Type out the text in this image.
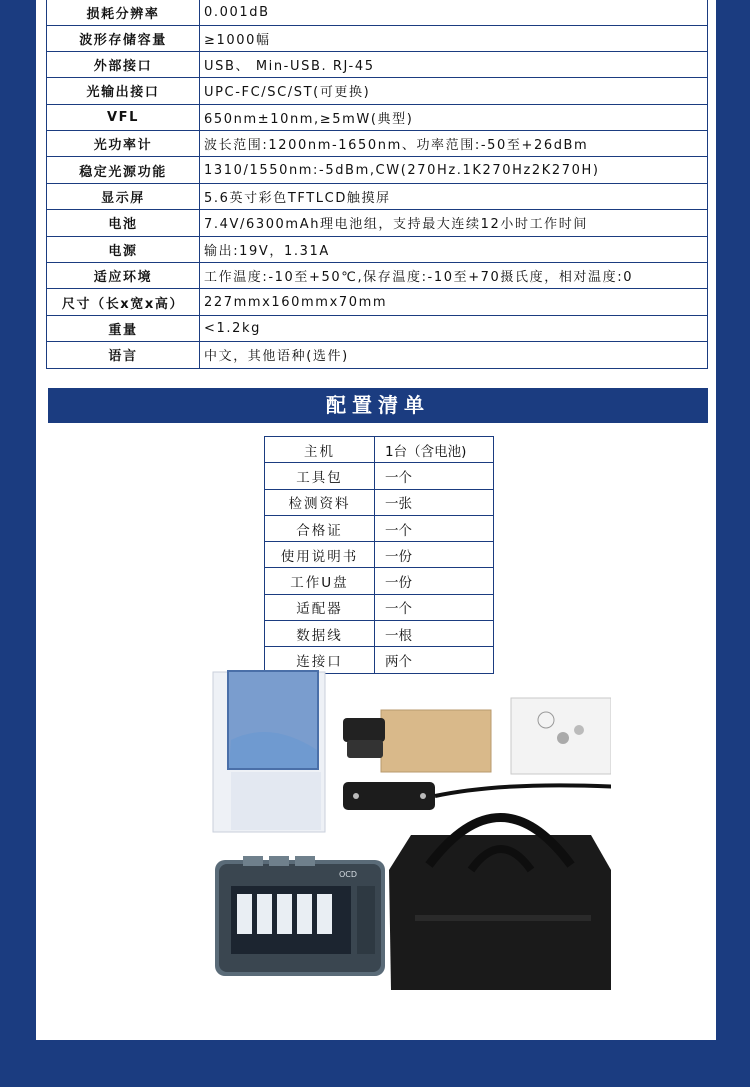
损耗分辨率	0.001dB
波形存储容量	≥1000幅
外部接口	USB、 Min-USB. RJ-45
光输出接口	UPC-FC/SC/ST(可更换)
VFL	650nm±10nm,≥5mW(典型)
光功率计	波长范围:1200nm-1650nm、功率范围:-50至+26dBm
稳定光源功能	1310/1550nm:-5dBm,CW(270Hz.1K270Hz2K270H)
显示屏	5.6英寸彩色TFTLCD触摸屏
电池	7.4V/6300mAh理电池组，支持最大连续12小时工作时间
电源	输出:19V，1.31A
适应环境	工作温度:-10至+50℃,保存温度:-10至+70摄氏度，相对温度:0
尺寸（长x宽x高）	227mmx160mmx70mm
重量	<1.2kg
语言	中文，其他语种(选件)
配置清单
主机	1台（含电池)
工具包	一个
检测资料	一张
合格证	一个
使用说明书	一份
工作U盘	一份
适配器	一个
数据线	一根
连接口	两个
OCD
